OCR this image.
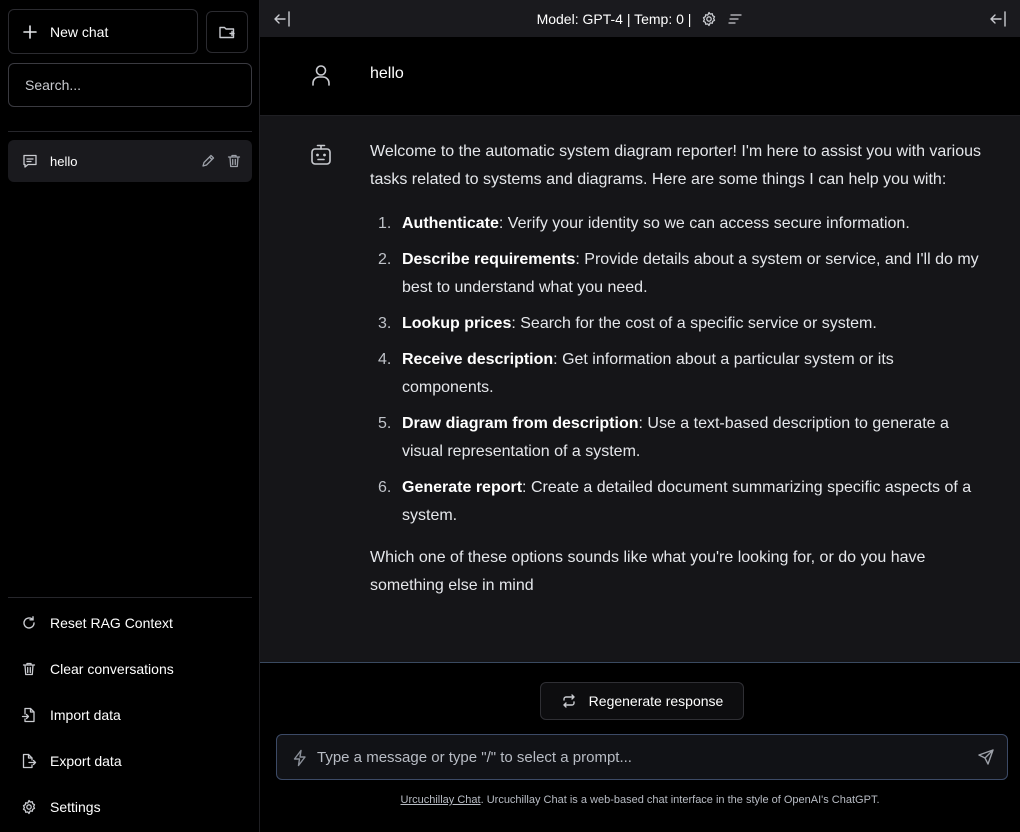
New chat
Search...
hello
Reset RAG Context
Clear conversations
Import data
Export data
Settings
Model: GPT-4 | Temp: 0 |
hello

Welcome to the automatic system diagram reporter! I'm here to assist you with various tasks related to systems and diagrams. Here are some things I can help you with:

1. Authenticate: Verify your identity so we can access secure information.
2. Describe requirements: Provide details about a system or service, and I'll do my best to understand what you need.
3. Lookup prices: Search for the cost of a specific service or system.
4. Receive description: Get information about a particular system or its components.
5. Draw diagram from description: Use a text-based description to generate a visual representation of a system.
6. Generate report: Create a detailed document summarizing specific aspects of a system.

Which one of these options sounds like what you're looking for, or do you have something else in mind

Regenerate response
Type a message or type "/" to select a prompt...
Urcuchillay Chat. Urcuchillay Chat is a web-based chat interface in the style of OpenAI's ChatGPT.
